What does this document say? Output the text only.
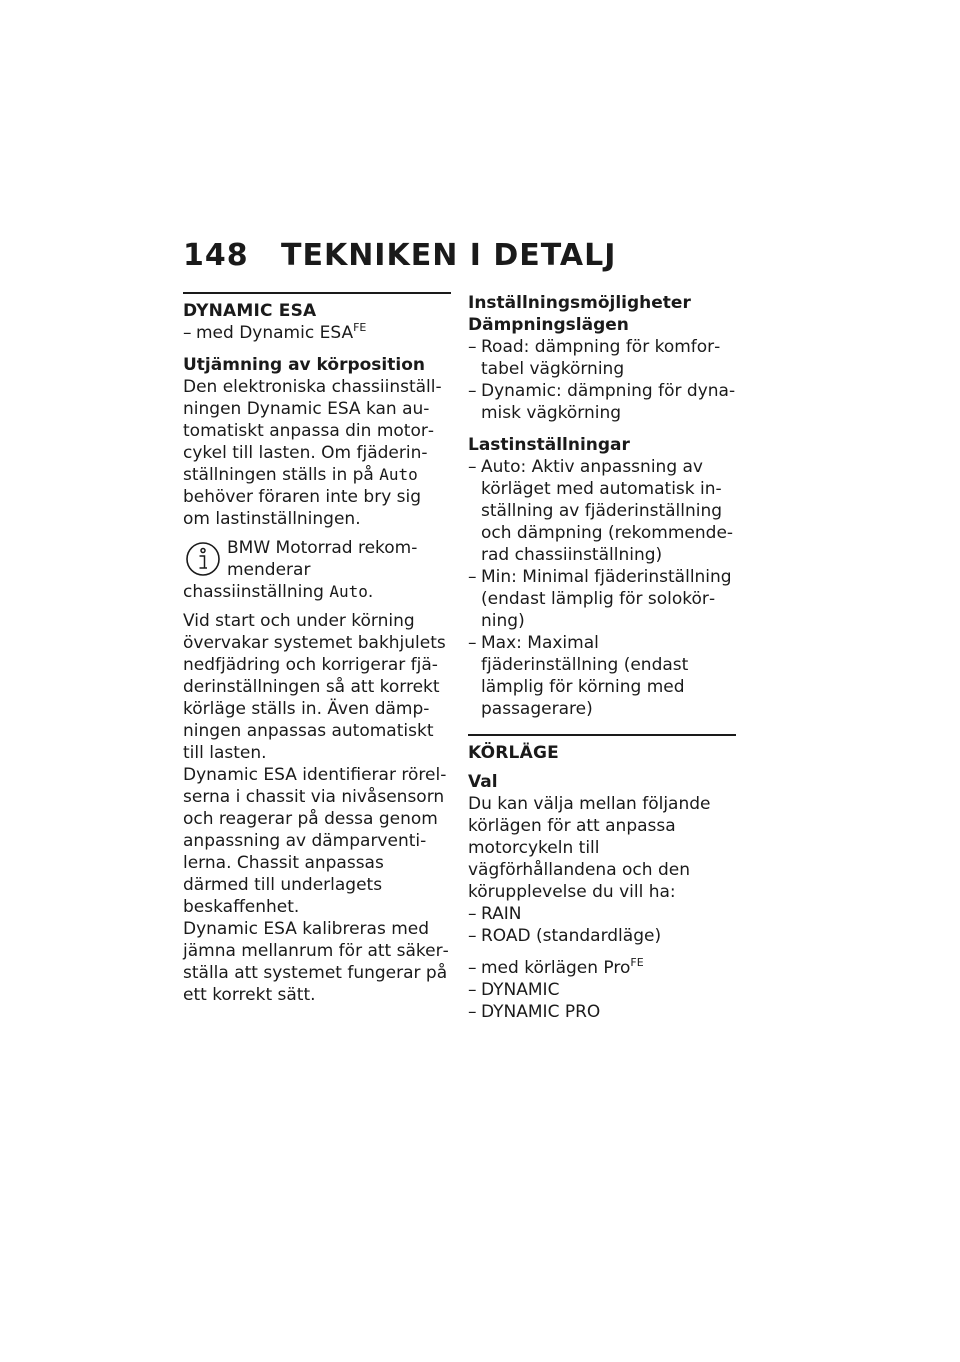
148 TEKNIKEN I DETALJ
DYNAMIC ESA
– med Dynamic $ESA^{FE}$
Utjämning av körposition

Den elektroniska chassiinställningen Dynamic ESA kan automatiskt anpassa din motorcykel till lasten. Om fjäderinställningen ställs in på Auto behöver föraren inte bry sig om lastinställningen.

BMW Motorrad rekommenderar chassiinställning Auto.

Vid start och under körning övervakar systemet bakhjulets nedfjädring och korrigerar fjäderinställningen så att korrekt körläge ställs in. Även dämpningen anpassas automatiskt till lasten.

Dynamic ESA identifierar rörelserna i chassit via nivåsensorn och reagerar på dessa genom anpassning av dämparventilerna. Chassit anpassas därmed till underlagets beskaffenhet.

Dynamic ESA kalibreras med jämna mellanrum för att säkerställa att systemet fungerar på ett korrekt sätt.

Inställningsmöjligheter
Dämpningslägen
– Road: dämpning för komfortabel vägkörning
– Dynamic: dämpning för dynamisk vägkörning
Lastinställningar
– Auto: Aktiv anpassning av körläget med automatisk inställning av fjäderinställning och dämpning (rekommenderad chassiinställning)
– Min: Minimal fjäderinställning (endast lämplig för solokörning)
– Max: Maximal fjäderinställning (endast lämplig för körning med passagerare)
KÖRLÄGE
Val

Du kan välja mellan följande körlägen för att anpassa motorcykeln till vägförhållandena och den körupplevelse du vill ha:

– RAIN
– ROAD (standardläge)
– med körlägen Pro$^{FE}$
– DYNAMIC
– DYNAMIC PRO
